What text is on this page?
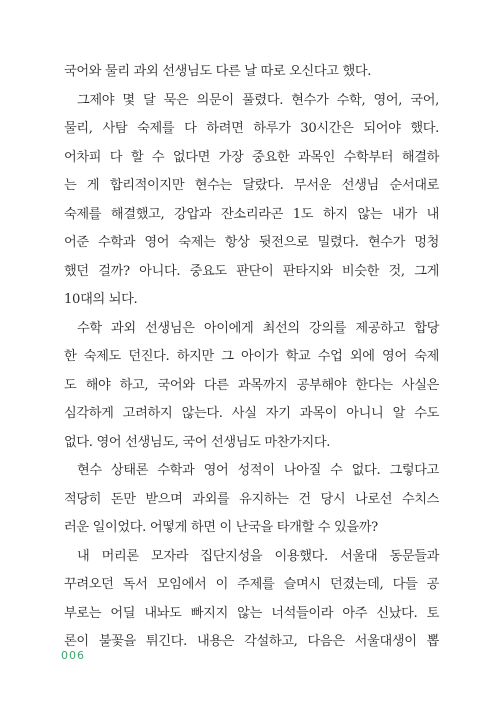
국어와 물리 과외 선생님도 다른 날 따로 오신다고 했다.
그제야 몇 달 묵은 의문이 풀렸다. 현수가 수학, 영어, 국어,
물리, 사탐 숙제를 다 하려면 하루가 30시간은 되어야 했다.
어차피 다 할 수 없다면 가장 중요한 과목인 수학부터 해결하
는 게 합리적이지만 현수는 달랐다. 무서운 선생님 순서대로
숙제를 해결했고, 강압과 잔소리라곤 1도 하지 않는 내가 내
어준 수학과 영어 숙제는 항상 뒷전으로 밀렸다. 현수가 멍청
했던 걸까? 아니다. 중요도 판단이 판타지와 비슷한 것, 그게
10대의 뇌다.
수학 과외 선생님은 아이에게 최선의 강의를 제공하고 합당
한 숙제도 던진다. 하지만 그 아이가 학교 수업 외에 영어 숙제
도 해야 하고, 국어와 다른 과목까지 공부해야 한다는 사실은
심각하게 고려하지 않는다. 사실 자기 과목이 아니니 알 수도
없다. 영어 선생님도, 국어 선생님도 마찬가지다.
현수 상태론 수학과 영어 성적이 나아질 수 없다. 그렇다고
적당히 돈만 받으며 과외를 유지하는 건 당시 나로선 수치스
러운 일이었다. 어떻게 하면 이 난국을 타개할 수 있을까?
내 머리론 모자라 집단지성을 이용했다. 서울대 동문들과
꾸려오던 독서 모임에서 이 주제를 슬며시 던졌는데, 다들 공
부로는 어딜 내놔도 빠지지 않는 너석들이라 아주 신났다. 토
론이 불꽃을 튀긴다. 내용은 각설하고, 다음은 서울대생이 뽑
006
